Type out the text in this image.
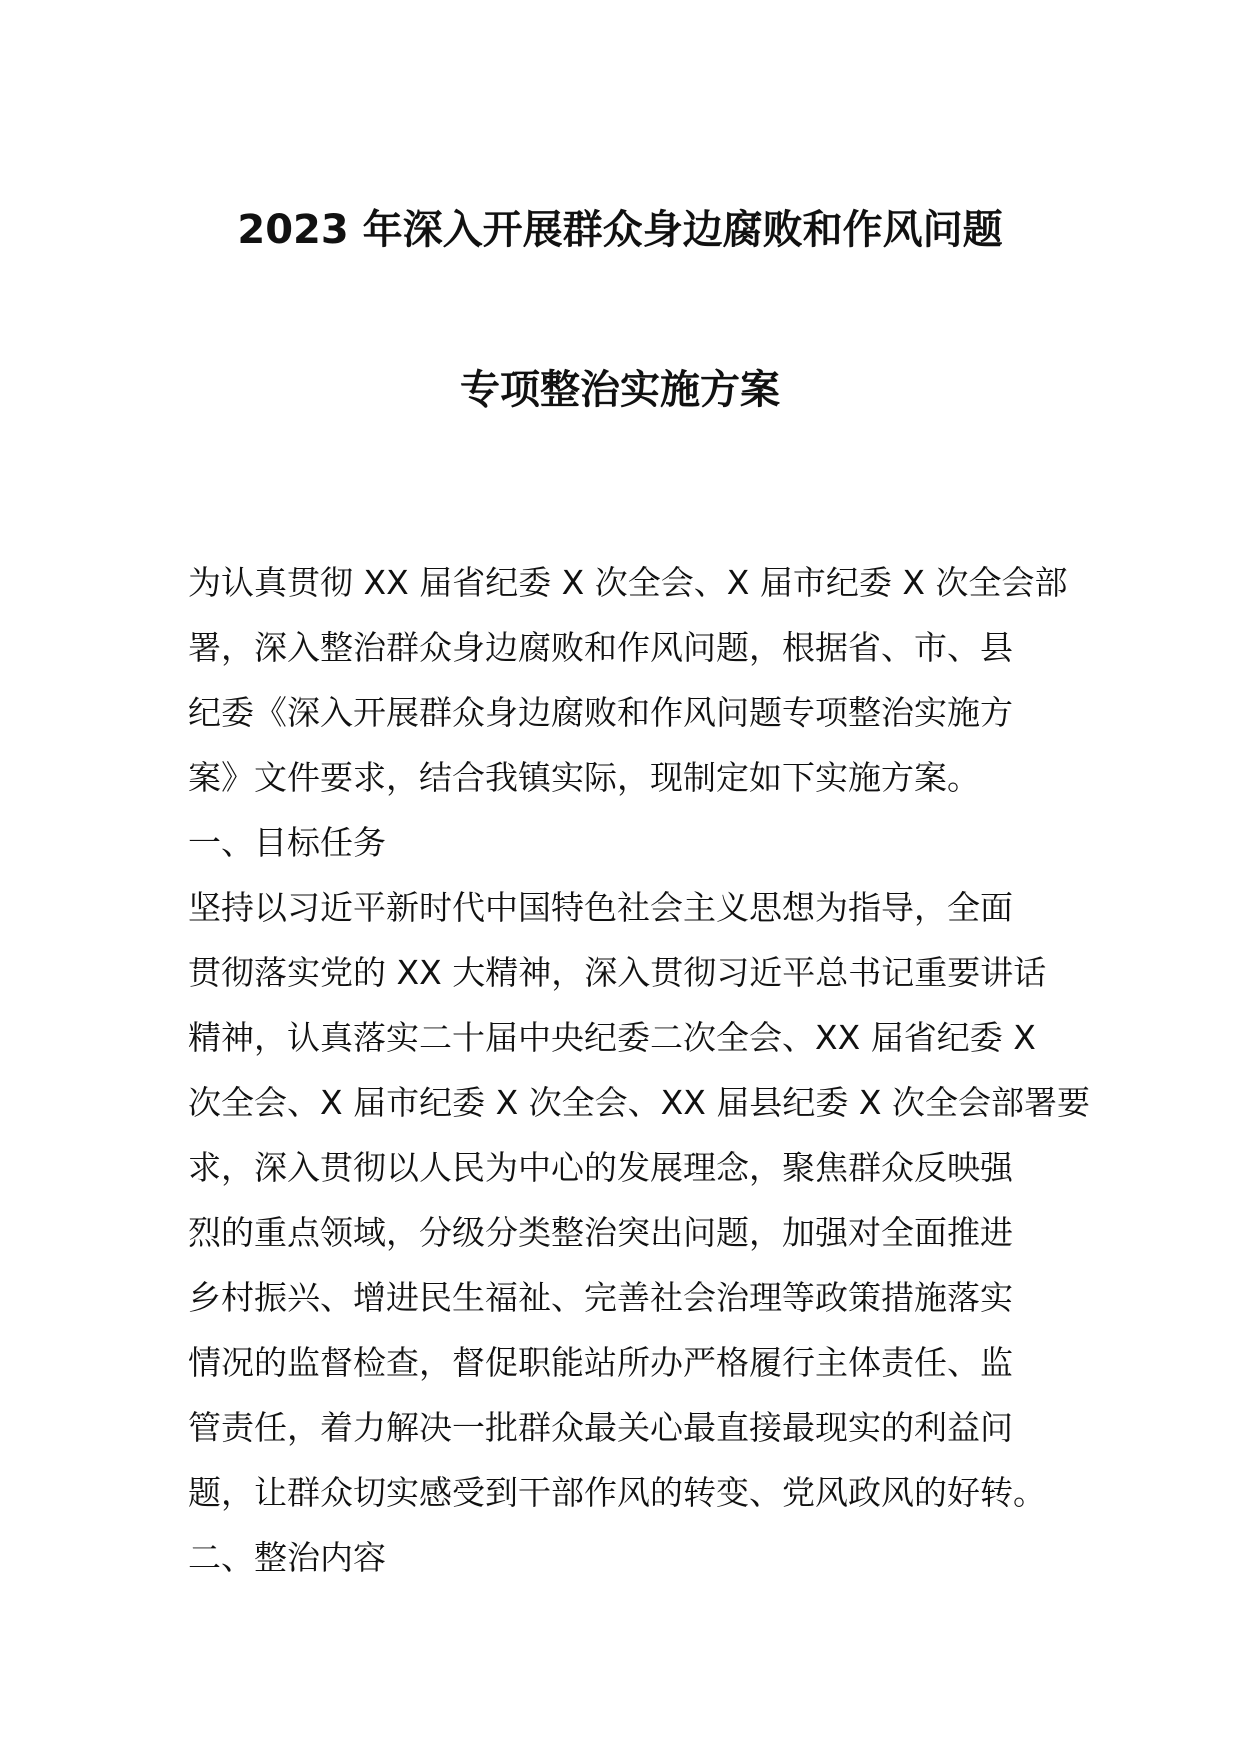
2023 年深入开展群众身边腐败和作风问题
专项整治实施方案

为认真贯彻 XX 届省纪委 X 次全会、X 届市纪委 X 次全会部

署，深入整治群众身边腐败和作风问题，根据省、市、县

纪委《深入开展群众身边腐败和作风问题专项整治实施方

案》文件要求，结合我镇实际，现制定如下实施方案。

一、目标任务

坚持以习近平新时代中国特色社会主义思想为指导，全面

贯彻落实党的 XX 大精神，深入贯彻习近平总书记重要讲话

精神，认真落实二十届中央纪委二次全会、XX 届省纪委 X

次全会、X 届市纪委 X 次全会、XX 届县纪委 X 次全会部署要

求，深入贯彻以人民为中心的发展理念，聚焦群众反映强

烈的重点领域，分级分类整治突出问题，加强对全面推进

乡村振兴、增进民生福祉、完善社会治理等政策措施落实

情况的监督检查，督促职能站所办严格履行主体责任、监

管责任，着力解决一批群众最关心最直接最现实的利益问

题，让群众切实感受到干部作风的转变、党风政风的好转。

二、整治内容
